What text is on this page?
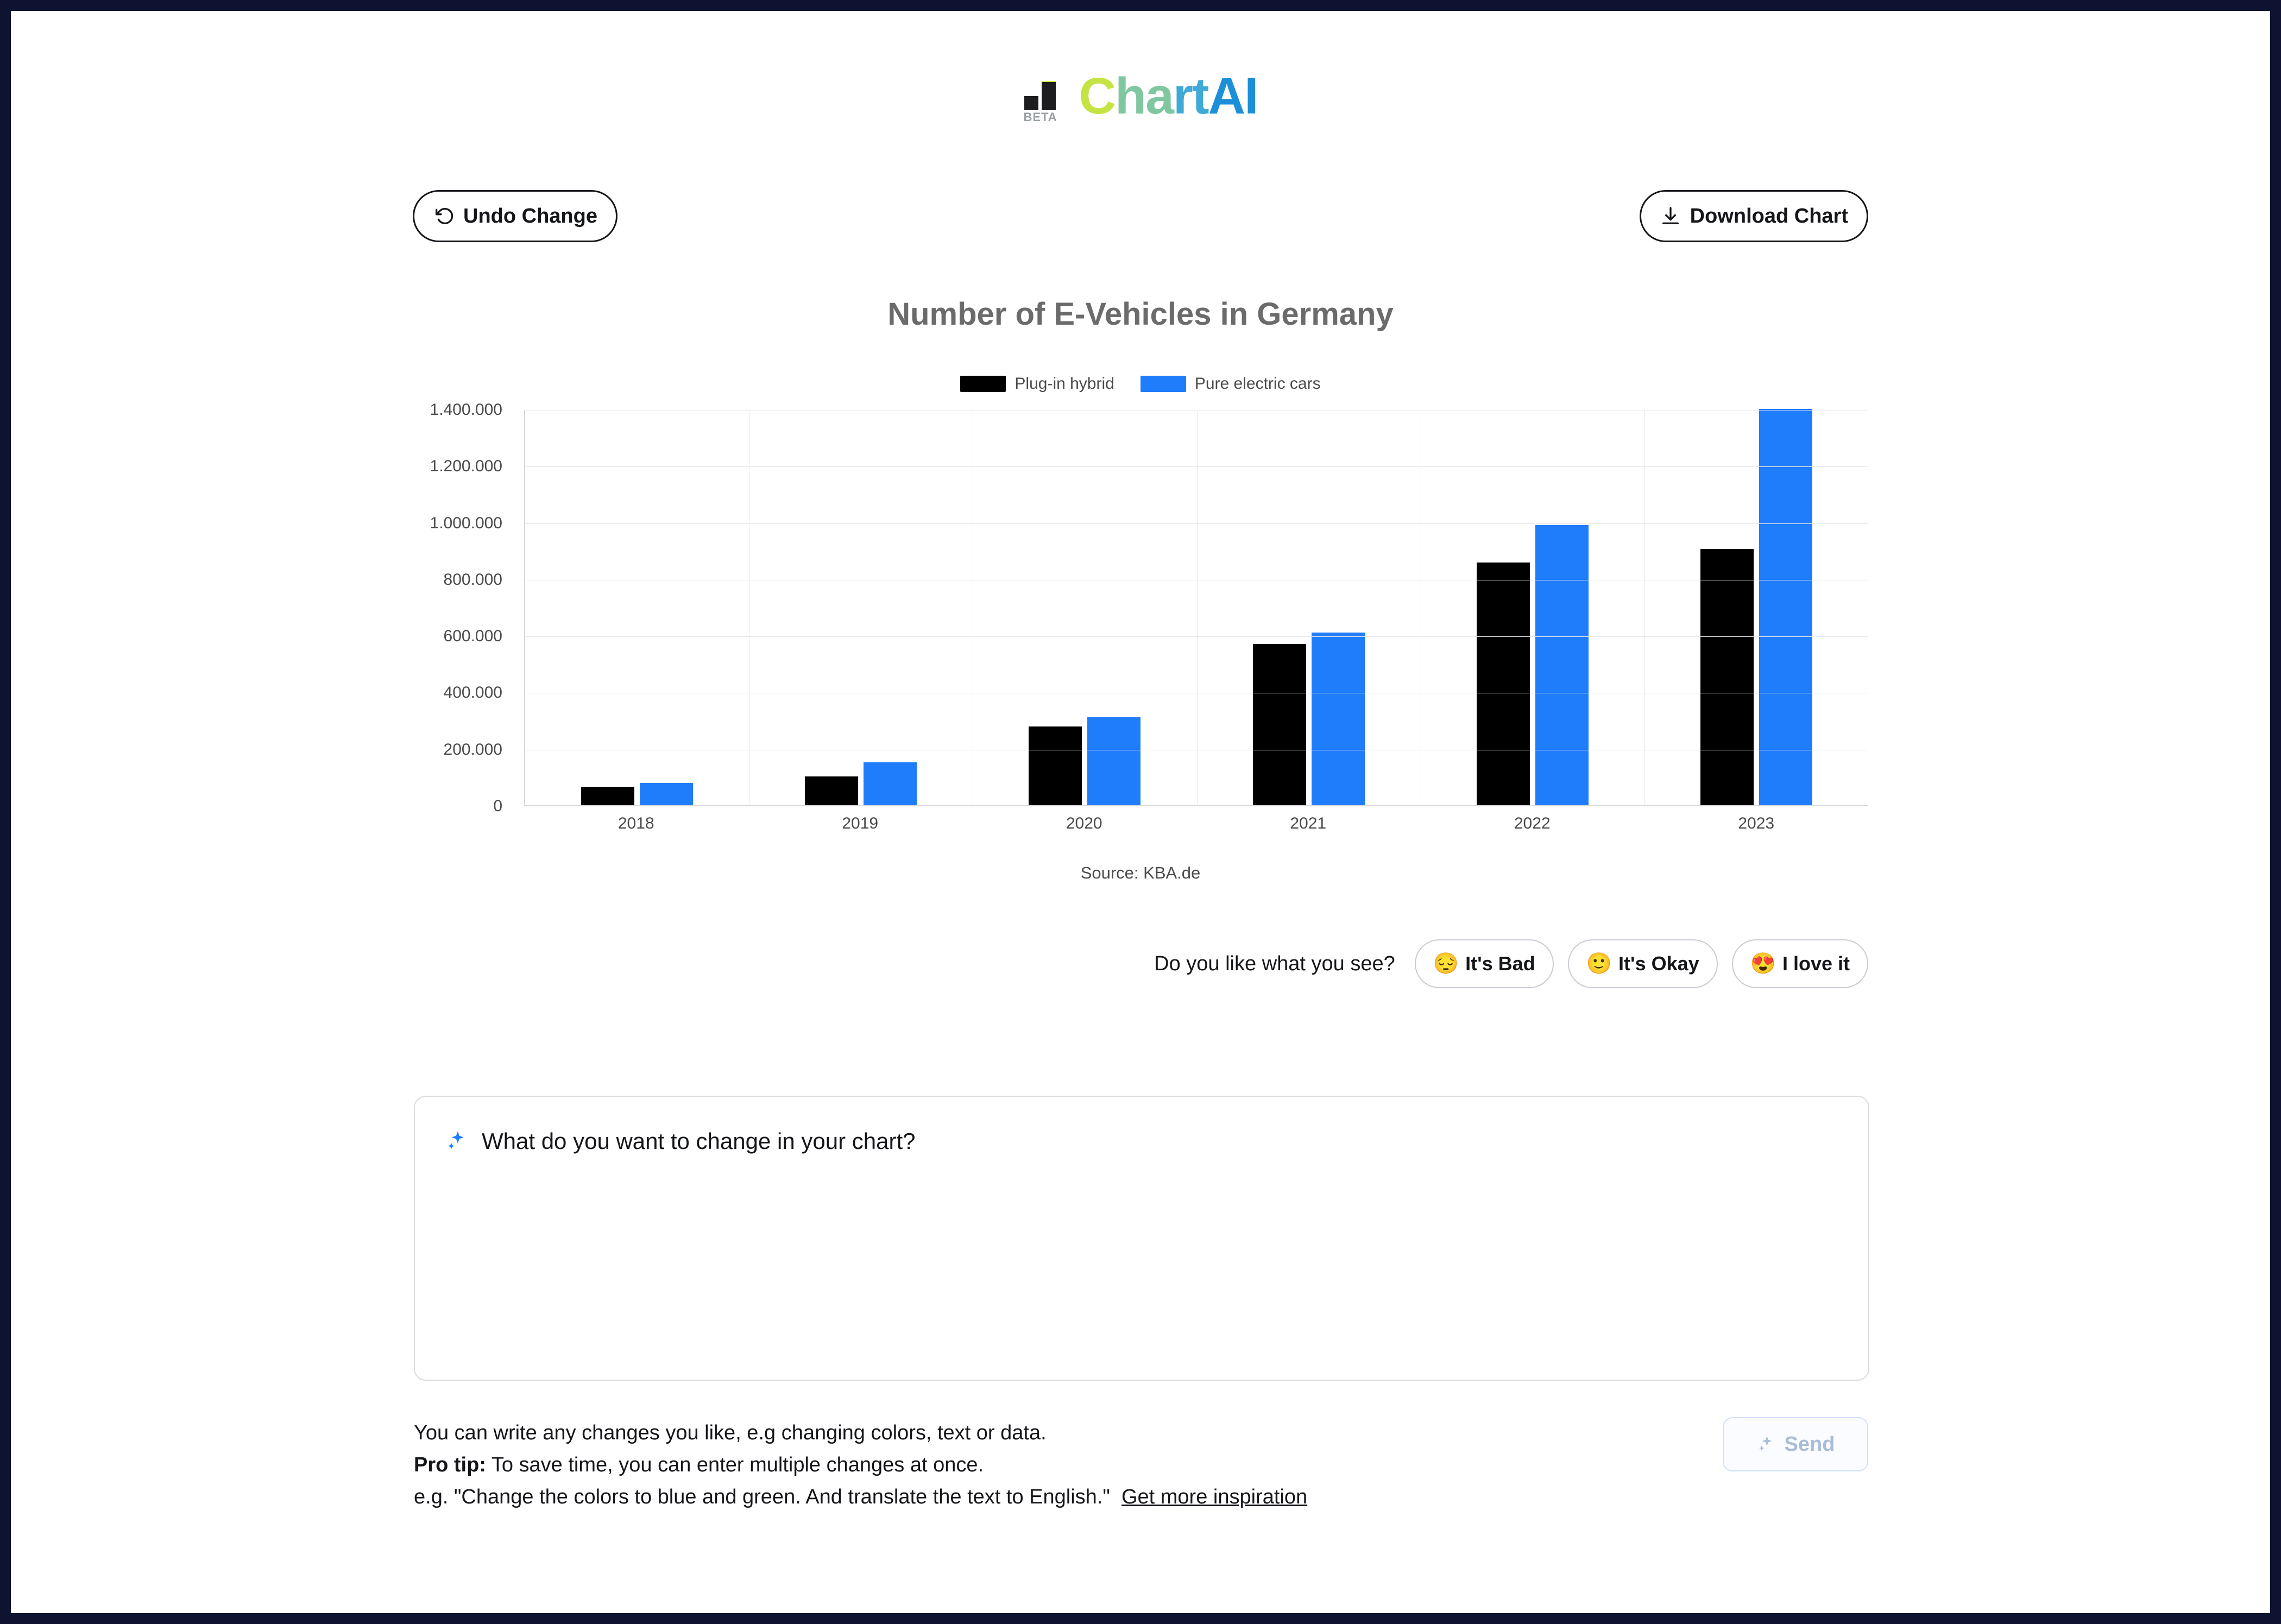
BETA ChartAI
Undo Change	Download Chart
Number of E-Vehicles in Germany
Plug-in hybrid	Pure electric cars
0
200.000
400.000
600.000
800.000
1.000.000
1.200.000
1.400.000
2018	2019	2020	2021	2022	2023
Source: KBA.de
Do you like what you see? 😔 It's Bad 🙂 It's Okay 😍 I love it
What do you want to change in your chart?
You can write any changes you like, e.g changing colors, text or data.
Pro tip: To save time, you can enter multiple changes at once.
e.g. "Change the colors to blue and green. And translate the text to English." Get more inspiration
Send
